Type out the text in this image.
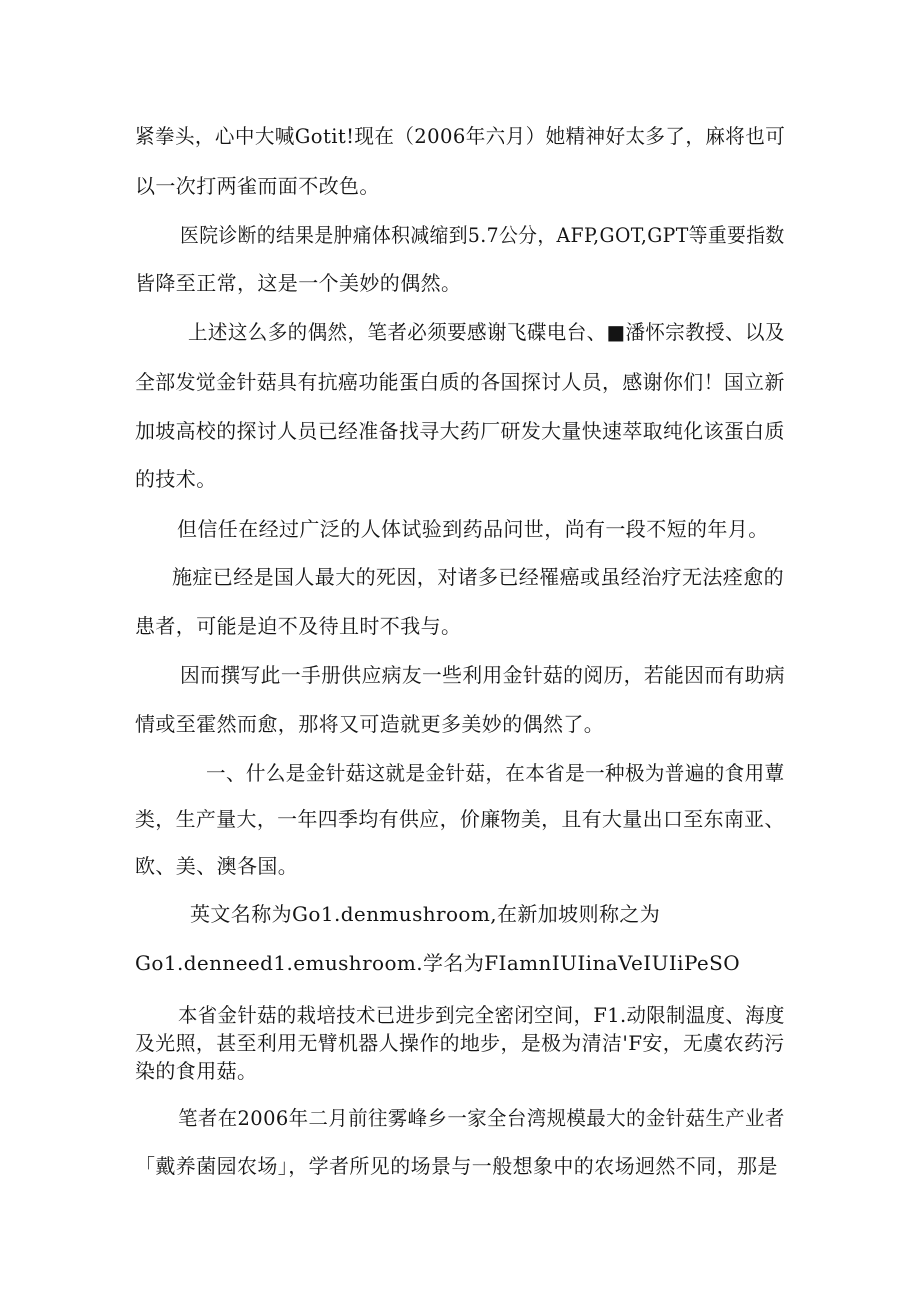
紧拳头，心中大喊Gotit!现在（2006年六月）她精神好太多了，麻将也可
以一次打两雀而面不改色。
医院诊断的结果是肿痛体积减缩到5.7公分，AFP,GOT,GPT等重要指数
皆降至正常，这是一个美妙的偶然。
上述这么多的偶然，笔者必须要感谢飞碟电台、■潘怀宗教授、以及
全部发觉金针菇具有抗癌功能蛋白质的各国探讨人员，感谢你们！国立新
加坡高校的探讨人员已经准备找寻大药厂研发大量快速萃取纯化该蛋白质
的技术。
但信任在经过广泛的人体试验到药品问世，尚有一段不短的年月。
施症已经是国人最大的死因，对诸多已经罹癌或虽经治疗无法痊愈的
患者，可能是迫不及待且时不我与。
因而撰写此一手册供应病友一些利用金针菇的阅历，若能因而有助病
情或至霍然而愈，那将又可造就更多美妙的偶然了。
一、什么是金针菇这就是金针菇，在本省是一种极为普遍的食用蕈
类，生产量大，一年四季均有供应，价廉物美，且有大量出口至东南亚、
欧、美、澳各国。
英文名称为Go1.denmushroom,在新加坡则称之为
Go1.denneed1.emushroom.学名为FIamnIUIinaVeIUIiPeSO
本省金针菇的栽培技术已进步到完全密闭空间，F1.动限制温度、海度
及光照，甚至利用无臂机器人操作的地步，是极为清洁'F安，无虞农药污
染的食用菇。
笔者在2006年二月前往雾峰乡一家全台湾规模最大的金针菇生产业者
「戴养菌园农场」，学者所见的场景与一般想象中的农场迥然不同，那是
